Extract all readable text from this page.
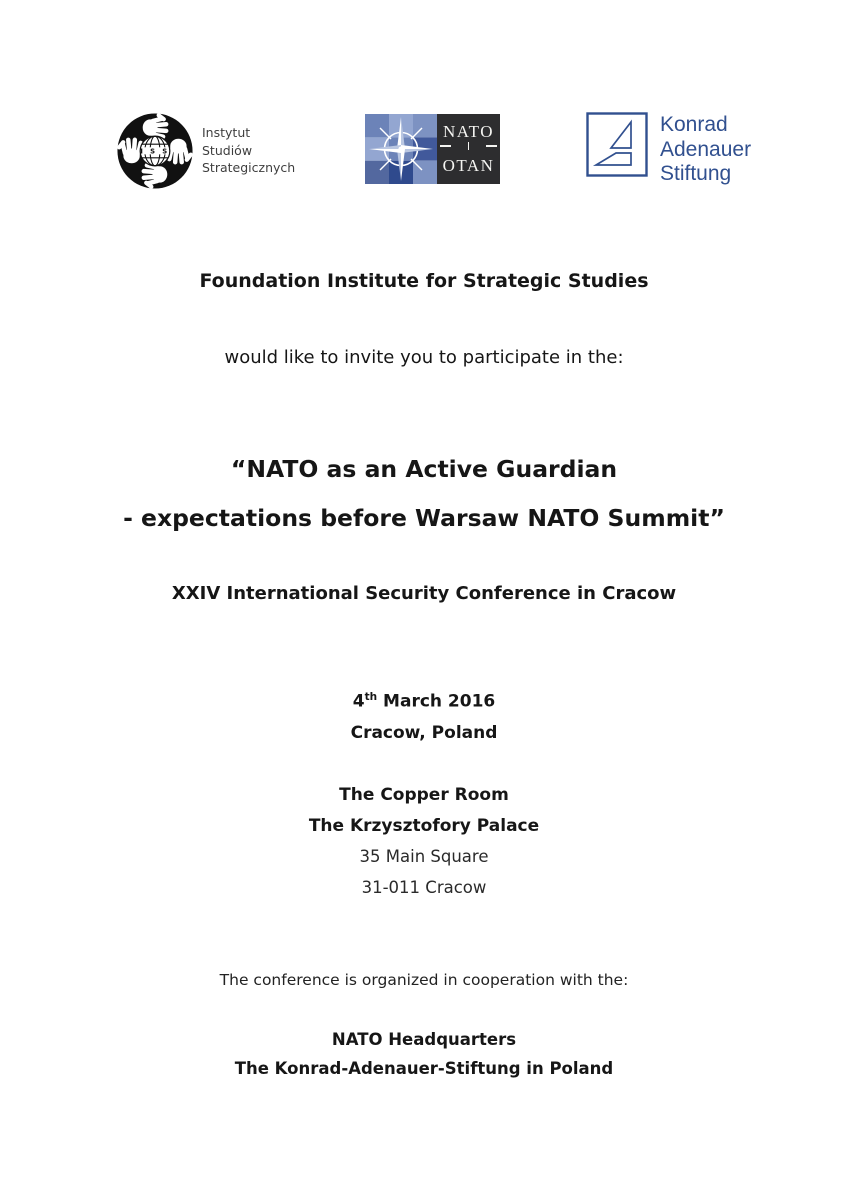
I S S
Instytut
Studiów
Strategicznych
NATO
OTAN
Konrad
Adenauer
Stiftung
Foundation Institute for Strategic Studies
would like to invite you to participate in the:
“NATO as an Active Guardian
- expectations before Warsaw NATO Summit”
XXIV International Security Conference in Cracow
4th March 2016
Cracow, Poland
The Copper Room
The Krzysztofory Palace
35 Main Square
31-011 Cracow
The conference is organized in cooperation with the:
NATO Headquarters
The Konrad-Adenauer-Stiftung in Poland
